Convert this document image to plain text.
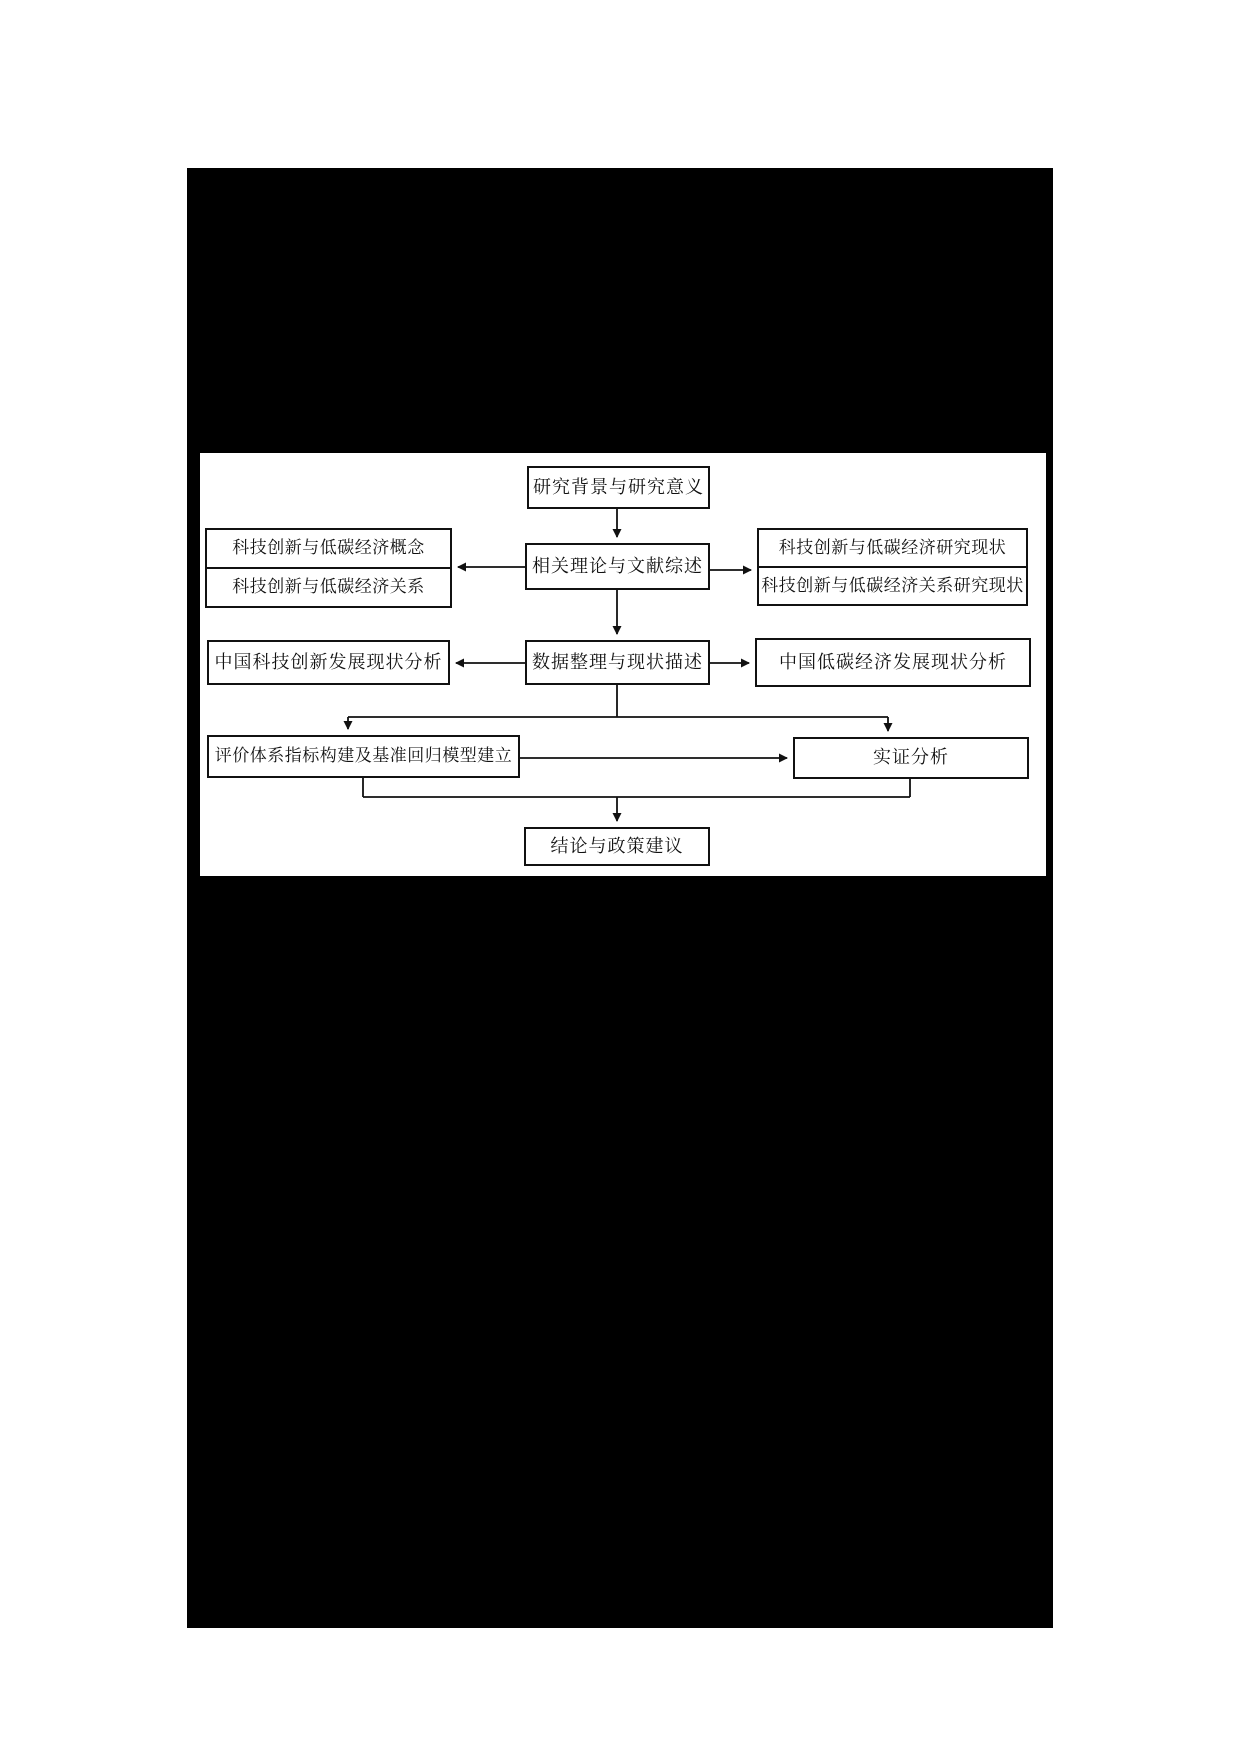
研究背景与研究意义
科技创新与低碳经济概念
科技创新与低碳经济关系
相关理论与文献综述
科技创新与低碳经济研究现状
科技创新与低碳经济关系研究现状
中国科技创新发展现状分析	数据整理与现状描述	中国低碳经济发展现状分析
评价体系指标构建及基准回归模型建立	实证分析
结论与政策建议
